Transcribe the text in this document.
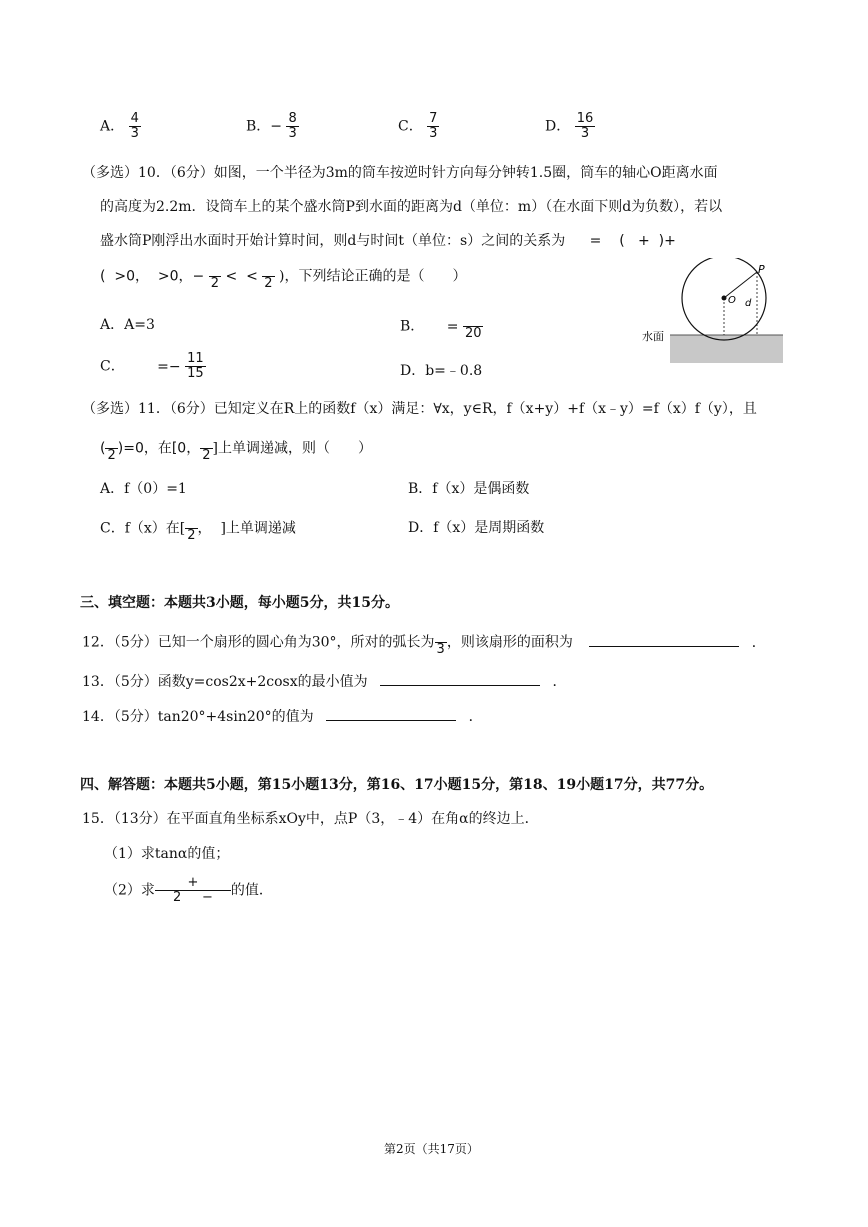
A． $\frac{4}{3}$	B．− $\frac{8}{3}$	C． $\frac{7}{3}$	D． $\frac{16}{3}$
（多选）10．（6分）如图，一个半径为3m的筒车按逆时针方向每分钟转1.5圈，筒车的轴心O距离水面
的高度为2.2m．设筒车上的某个盛水筒P到水面的距离为d（单位：m）（在水面下则d为负数），若以
盛水筒P刚浮出水面时开始计算时间，则d与时间t（单位：s）之间的关系为 =    (   +  )+
(  >0，  >0，−
2 <  <
2 )，下列结论正确的是（　　）	P
O d
水面
A．A=3	B． =
20
C． =− $\frac{11}{15}$	D．b=﹣0.8
（多选）11．（6分）已知定义在R上的函数f（x）满足：∀x，y∈R，f（x+y）+f（x﹣y）=f（x）f（y），且
(
2 )=0，在[0，
2 ]上单调递减，则（　　）
A．f（0）=1	B．f（x）是偶函数
C．f（x）在[
2 ，  ]上单调递减	D．f（x）是周期函数
三、填空题：本题共3小题，每小题5分，共15分。
12．（5分）已知一个扇形的圆心角为30°，所对的弧长为
3 ，则该扇形的面积为	．
13．（5分）函数y=cos2x+2cosx的最小值为	．
14．（5分）tan20°+4sin20°的值为	．
四、解答题：本题共5小题，第15小题13分，第16、17小题15分，第18、19小题17分，共77分。
15．（13分）在平面直角坐标系xOy中，点P（3，﹣4）在角α的终边上．
（1）求tanα的值；
（2）求 $\frac{+}{2 -}$ 的值．
第2页（共17页）
